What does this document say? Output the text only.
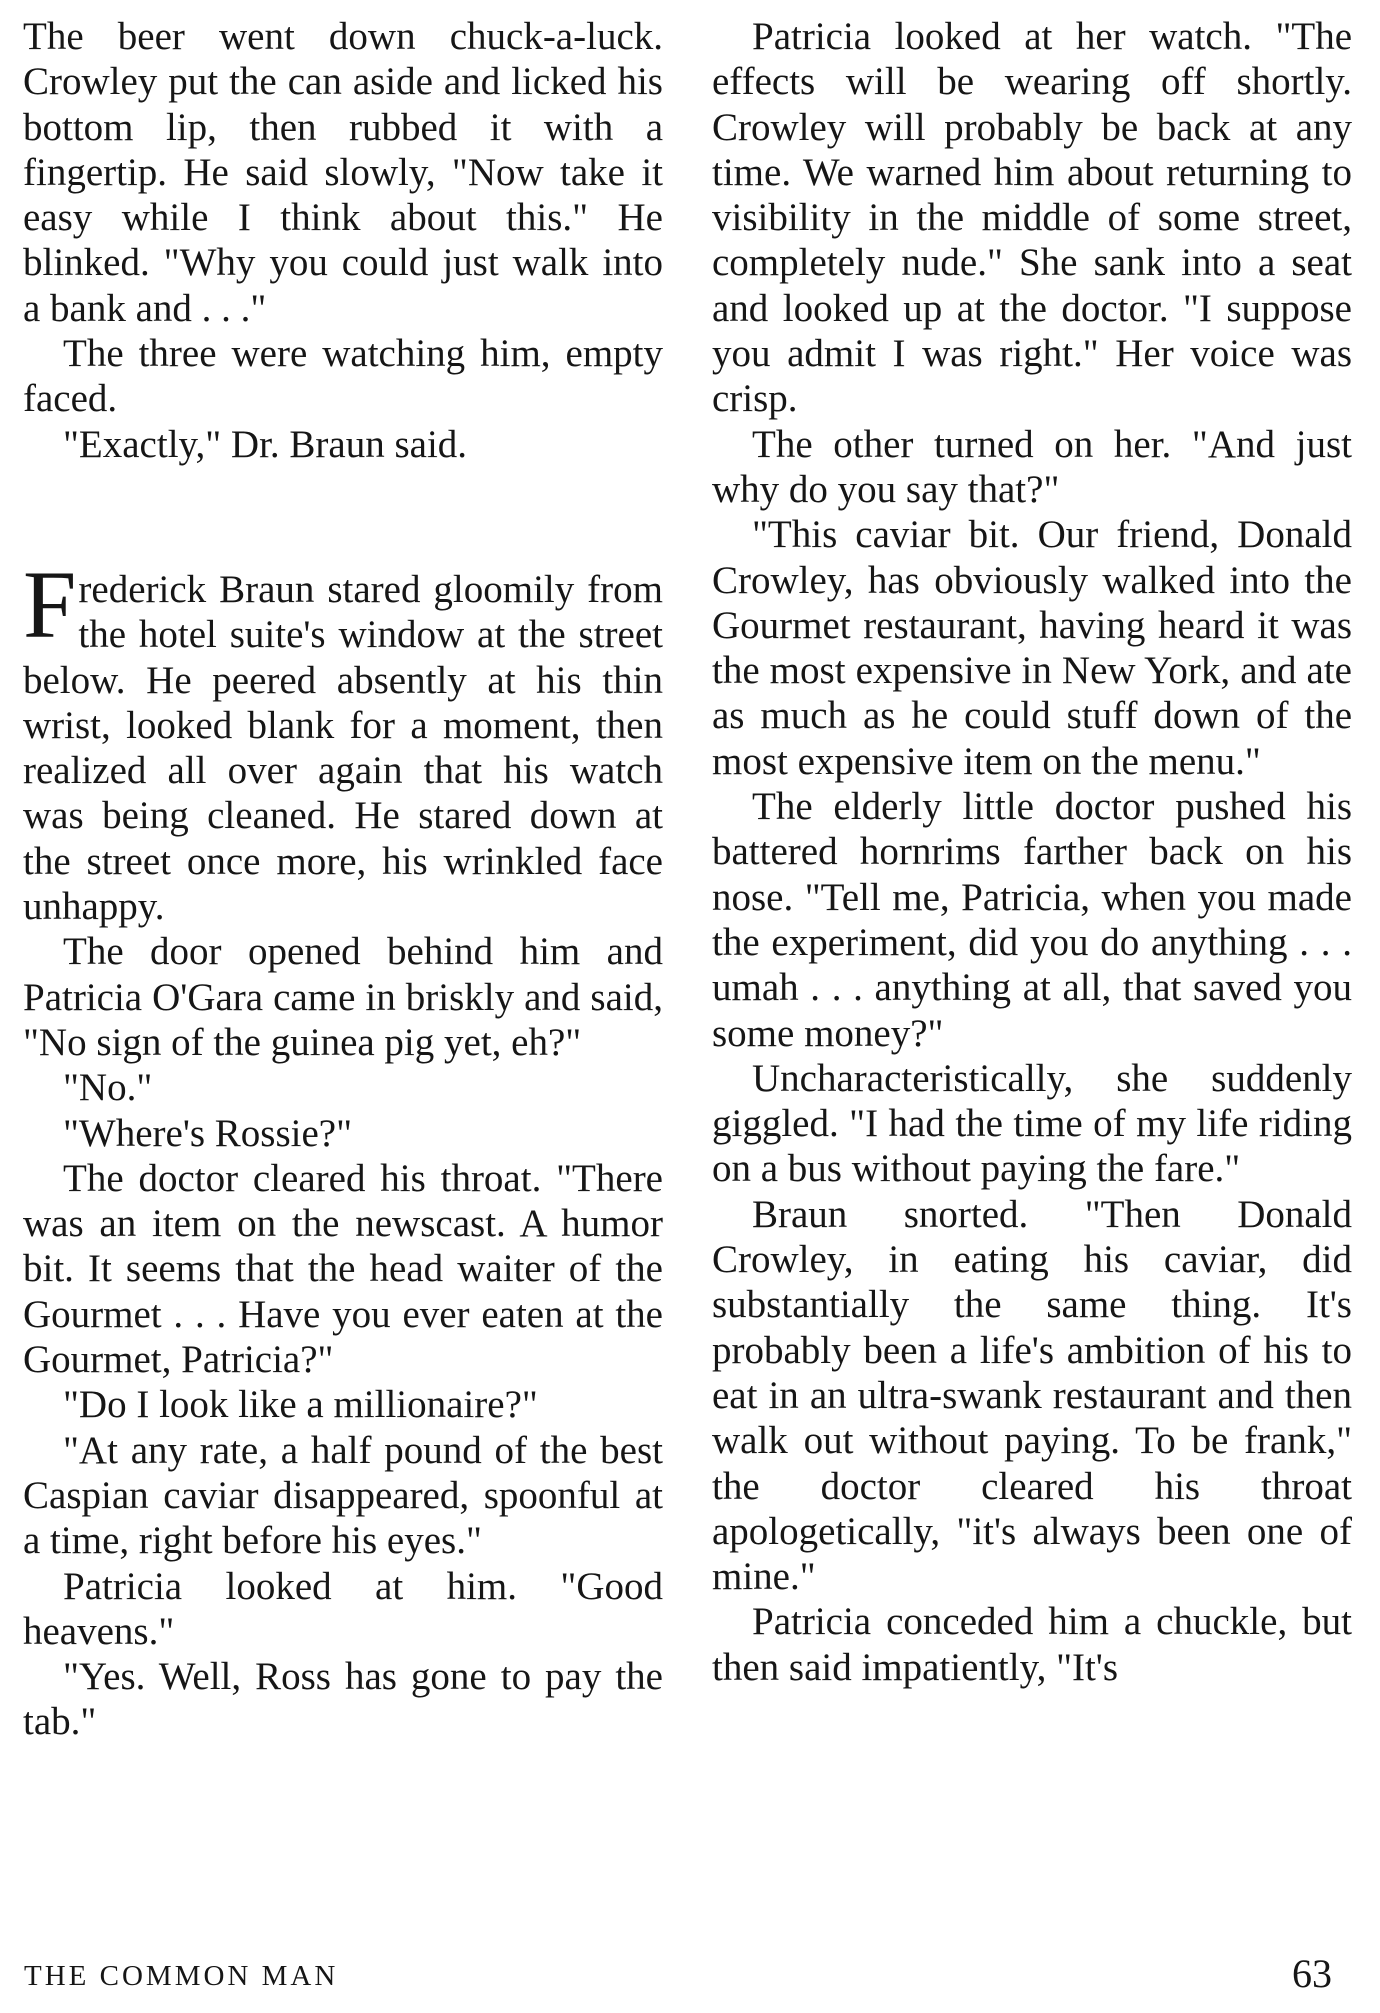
The beer went down chuck-a-luck. Crowley put the can aside and licked his bottom lip, then rubbed it with a fingertip. He said slowly, "Now take it easy while I think about this." He blinked. "Why you could just walk into a bank and . . ."

The three were watching him, empty faced.

"Exactly," Dr. Braun said.

Frederick Braun stared gloomily from the hotel suite's window at the street below. He peered absently at his thin wrist, looked blank for a moment, then realized all over again that his watch was being cleaned. He stared down at the street once more, his wrinkled face unhappy.

The door opened behind him and Patricia O'Gara came in briskly and said, "No sign of the guinea pig yet, eh?"

"No."

"Where's Rossie?"

The doctor cleared his throat. "There was an item on the newscast. A humor bit. It seems that the head waiter of the Gourmet . . . Have you ever eaten at the Gourmet, Patricia?"

"Do I look like a millionaire?"

"At any rate, a half pound of the best Caspian caviar disappeared, spoonful at a time, right before his eyes."

Patricia looked at him. "Good heavens."

"Yes. Well, Ross has gone to pay the tab."

Patricia looked at her watch. "The effects will be wearing off shortly. Crowley will probably be back at any time. We warned him about returning to visibility in the middle of some street, completely nude." She sank into a seat and looked up at the doctor. "I suppose you admit I was right." Her voice was crisp.

The other turned on her. "And just why do you say that?"

"This caviar bit. Our friend, Donald Crowley, has obviously walked into the Gourmet restaurant, having heard it was the most expensive in New York, and ate as much as he could stuff down of the most expensive item on the menu."

The elderly little doctor pushed his battered hornrims farther back on his nose. "Tell me, Patricia, when you made the experiment, did you do anything . . . umah . . . anything at all, that saved you some money?"

Uncharacteristically, she suddenly giggled. "I had the time of my life riding on a bus without paying the fare."

Braun snorted. "Then Donald Crowley, in eating his caviar, did substantially the same thing. It's probably been a life's ambition of his to eat in an ultra-swank restaurant and then walk out without paying. To be frank," the doctor cleared his throat apologetically, "it's always been one of mine."

Patricia conceded him a chuckle, but then said impatiently, "It's

THE COMMON MAN	63
